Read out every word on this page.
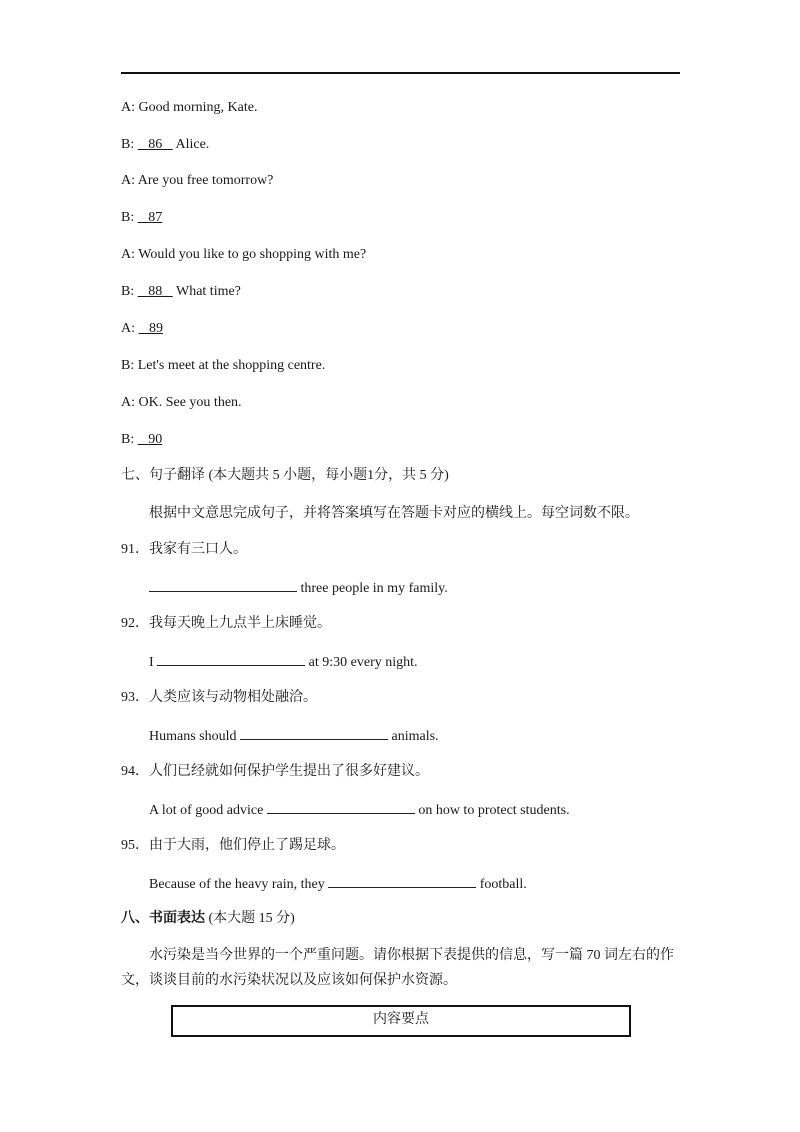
A: Good morning, Kate.
B: 86 Alice.
A: Are you free tomorrow?
B: 87
A: Would you like to go shopping with me?
B: 88 What time?
A: 89
B: Let's meet at the shopping centre.
A: OK. See you then.
B: 90
七、句子翻译 (本大题共 5 小题，每小题1分，共 5 分)
根据中文意思完成句子，并将答案填写在答题卡对应的横线上。每空词数不限。
91．我家有三口人。
three people in my family.
92．我每天晚上九点半上床睡觉。
I	at 9:30 every night.
93．人类应该与动物相处融洽。
Humans should	animals.
94．人们已经就如何保护学生提出了很多好建议。
A lot of good advice	on how to protect students.
95．由于大雨，他们停止了踢足球。
Because of the heavy rain, they	football.
八、书面表达 (本大题 15 分)
水污染是当今世界的一个严重问题。请你根据下表提供的信息，写一篇 70 词左右的作文，谈谈目前的水污染状况以及应该如何保护水资源。
内容要点
